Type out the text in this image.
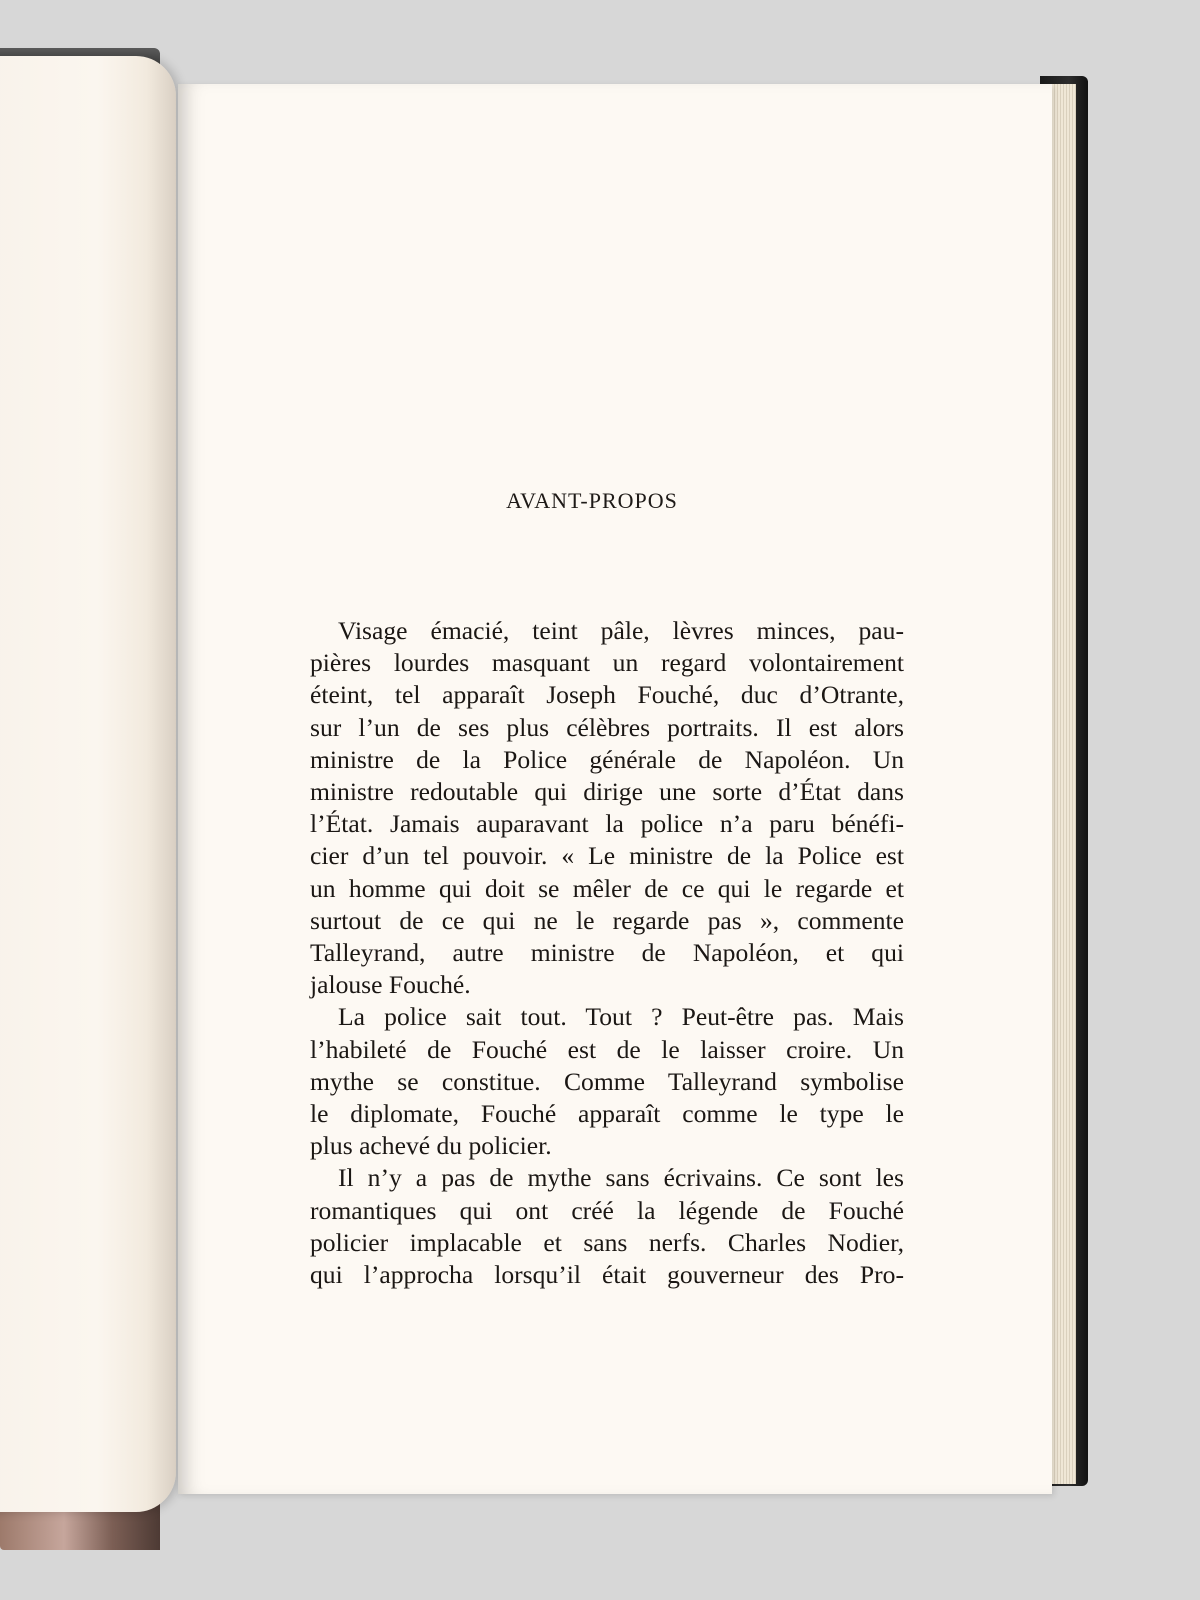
AVANT-PROPOS

Visage émacié, teint pâle, lèvres minces, pau-
pières lourdes masquant un regard volontairement
éteint, tel apparaît Joseph Fouché, duc d’Otrante,
sur l’un de ses plus célèbres portraits. Il est alors
ministre de la Police générale de Napoléon. Un
ministre redoutable qui dirige une sorte d’État dans
l’État. Jamais auparavant la police n’a paru bénéfi-
cier d’un tel pouvoir. « Le ministre de la Police est
un homme qui doit se mêler de ce qui le regarde et
surtout de ce qui ne le regarde pas », commente
Talleyrand, autre ministre de Napoléon, et qui
jalouse Fouché.

La police sait tout. Tout ? Peut-être pas. Mais
l’habileté de Fouché est de le laisser croire. Un
mythe se constitue. Comme Talleyrand symbolise
le diplomate, Fouché apparaît comme le type le
plus achevé du policier.

Il n’y a pas de mythe sans écrivains. Ce sont les
romantiques qui ont créé la légende de Fouché
policier implacable et sans nerfs. Charles Nodier,
qui l’approcha lorsqu’il était gouverneur des Pro-
